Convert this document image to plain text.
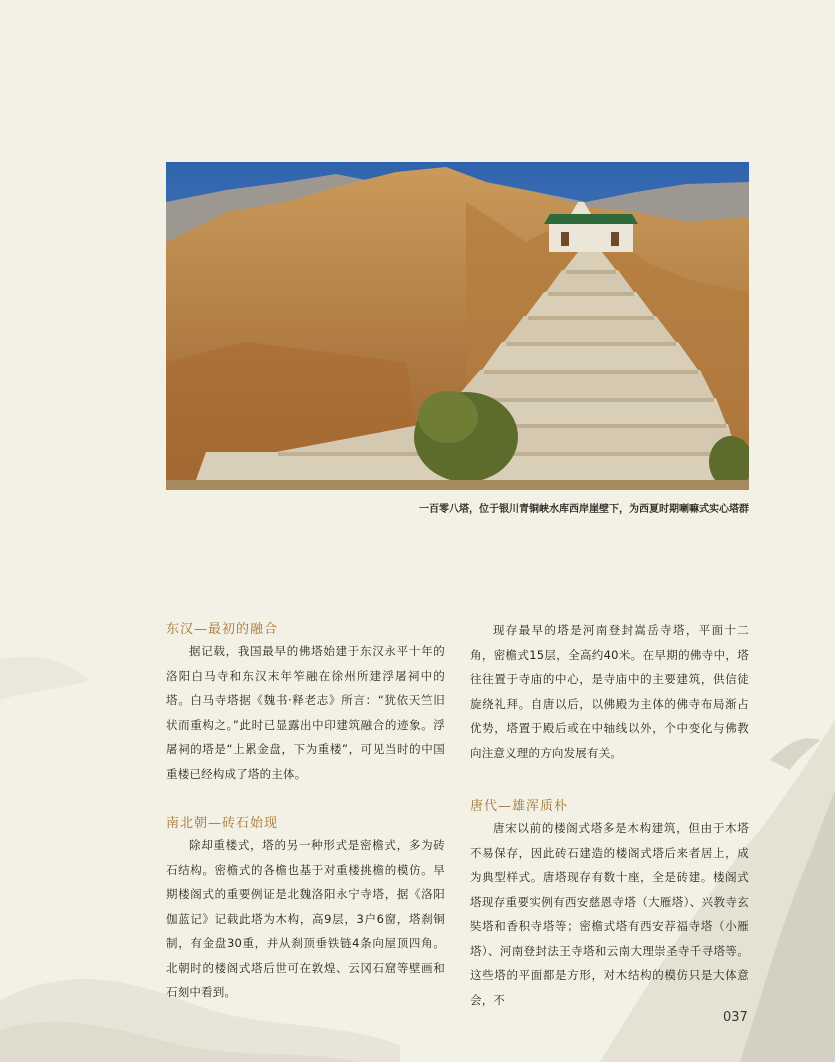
一百零八塔，位于银川青铜峡水库西岸崖壁下，为西夏时期喇嘛式实心塔群
东汉—最初的融合

据记载，我国最早的佛塔始建于东汉永平十年的洛阳白马寺和东汉末年笮融在徐州所建浮屠祠中的塔。白马寺塔据《魏书·释老志》所言：“犹依天竺旧状而重构之。”此时已显露出中印建筑融合的迹象。浮屠祠的塔是“上累金盘，下为重楼”，可见当时的中国重楼已经构成了塔的主体。

南北朝—砖石始现

除却重楼式，塔的另一种形式是密檐式，多为砖石结构。密檐式的各檐也基于对重楼挑檐的模仿。早期楼阁式的重要例证是北魏洛阳永宁寺塔，据《洛阳伽蓝记》记载此塔为木构，高9层，3户6窗，塔刹铜制，有金盘30重，并从刹顶垂铁链4条向屋顶四角。北朝时的楼阁式塔后世可在敦煌、云冈石窟等壁画和石刻中看到。

现存最早的塔是河南登封嵩岳寺塔，平面十二角，密檐式15层，全高约40米。在早期的佛寺中，塔往往置于寺庙的中心，是寺庙中的主要建筑，供信徒旋绕礼拜。自唐以后，以佛殿为主体的佛寺布局渐占优势，塔置于殿后或在中轴线以外，个中变化与佛教向注意义理的方向发展有关。

唐代—雄浑质朴

唐宋以前的楼阁式塔多是木构建筑，但由于木塔不易保存，因此砖石建造的楼阁式塔后来者居上，成为典型样式。唐塔现存有数十座，全是砖建。楼阁式塔现存重要实例有西安慈恩寺塔（大雁塔）、兴教寺玄奘塔和香积寺塔等；密檐式塔有西安荐福寺塔（小雁塔）、河南登封法王寺塔和云南大理崇圣寺千寻塔等。这些塔的平面都是方形，对木结构的模仿只是大体意会，不

037
